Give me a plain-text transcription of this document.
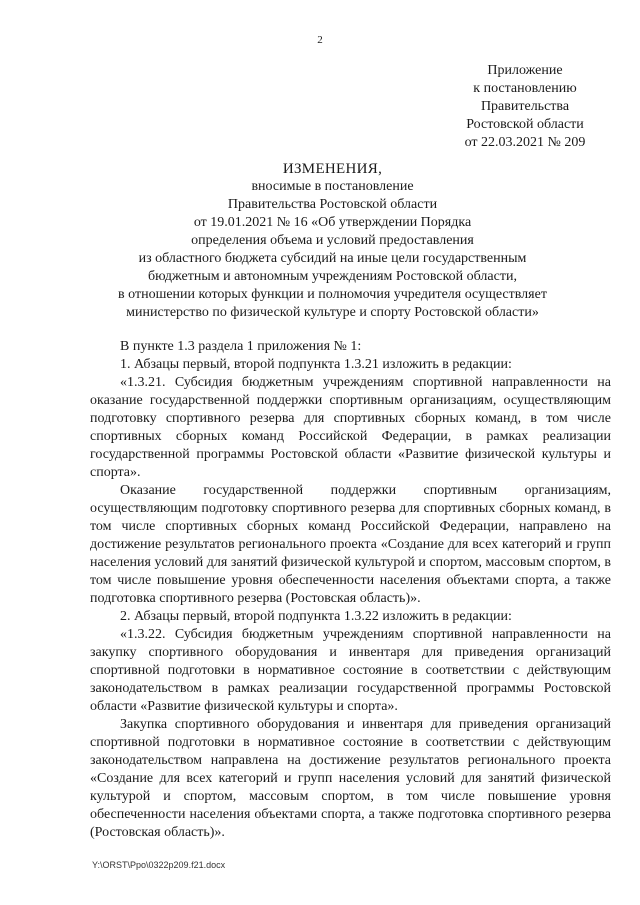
2
Приложение
к постановлению
Правительства
Ростовской области
от 22.03.2021 № 209
ИЗМЕНЕНИЯ,
вносимые в постановление
Правительства Ростовской области
от 19.01.2021 № 16 «Об утверждении Порядка
определения объема и условий предоставления
из областного бюджета субсидий на иные цели государственным
бюджетным и автономным учреждениям Ростовской области,
в отношении которых функции и полномочия учредителя осуществляет
министерство по физической культуре и спорту Ростовской области»

В пункте 1.3 раздела 1 приложения № 1:

1. Абзацы первый, второй подпункта 1.3.21 изложить в редакции:

«1.3.21. Субсидия бюджетным учреждениям спортивной направленности на оказание государственной поддержки спортивным организациям, осуществляющим подготовку спортивного резерва для спортивных сборных команд, в том числе спортивных сборных команд Российской Федерации, в рамках реализации государственной программы Ростовской области «Развитие физической культуры и спорта».

Оказание государственной поддержки спортивным организациям, осуществляющим подготовку спортивного резерва для спортивных сборных команд, в том числе спортивных сборных команд Российской Федерации, направлено на достижение результатов регионального проекта «Создание для всех категорий и групп населения условий для занятий физической культурой и спортом, массовым спортом, в том числе повышение уровня обеспеченности населения объектами спорта, а также подготовка спортивного резерва (Ростовская область)».

2. Абзацы первый, второй подпункта 1.3.22 изложить в редакции:

«1.3.22. Субсидия бюджетным учреждениям спортивной направленности на закупку спортивного оборудования и инвентаря для приведения организаций спортивной подготовки в нормативное состояние в соответствии с действующим законодательством в рамках реализации государственной программы Ростовской области «Развитие физической культуры и спорта».

Закупка спортивного оборудования и инвентаря для приведения организаций спортивной подготовки в нормативное состояние в соответствии с действующим законодательством направлена на достижение результатов регионального проекта «Создание для всех категорий и групп населения условий для занятий физической культурой и спортом, массовым спортом, в том числе повышение уровня обеспеченности населения объектами спорта, а также подготовка спортивного резерва (Ростовская область)».

Y:\ORST\Ppo\0322p209.f21.docx
